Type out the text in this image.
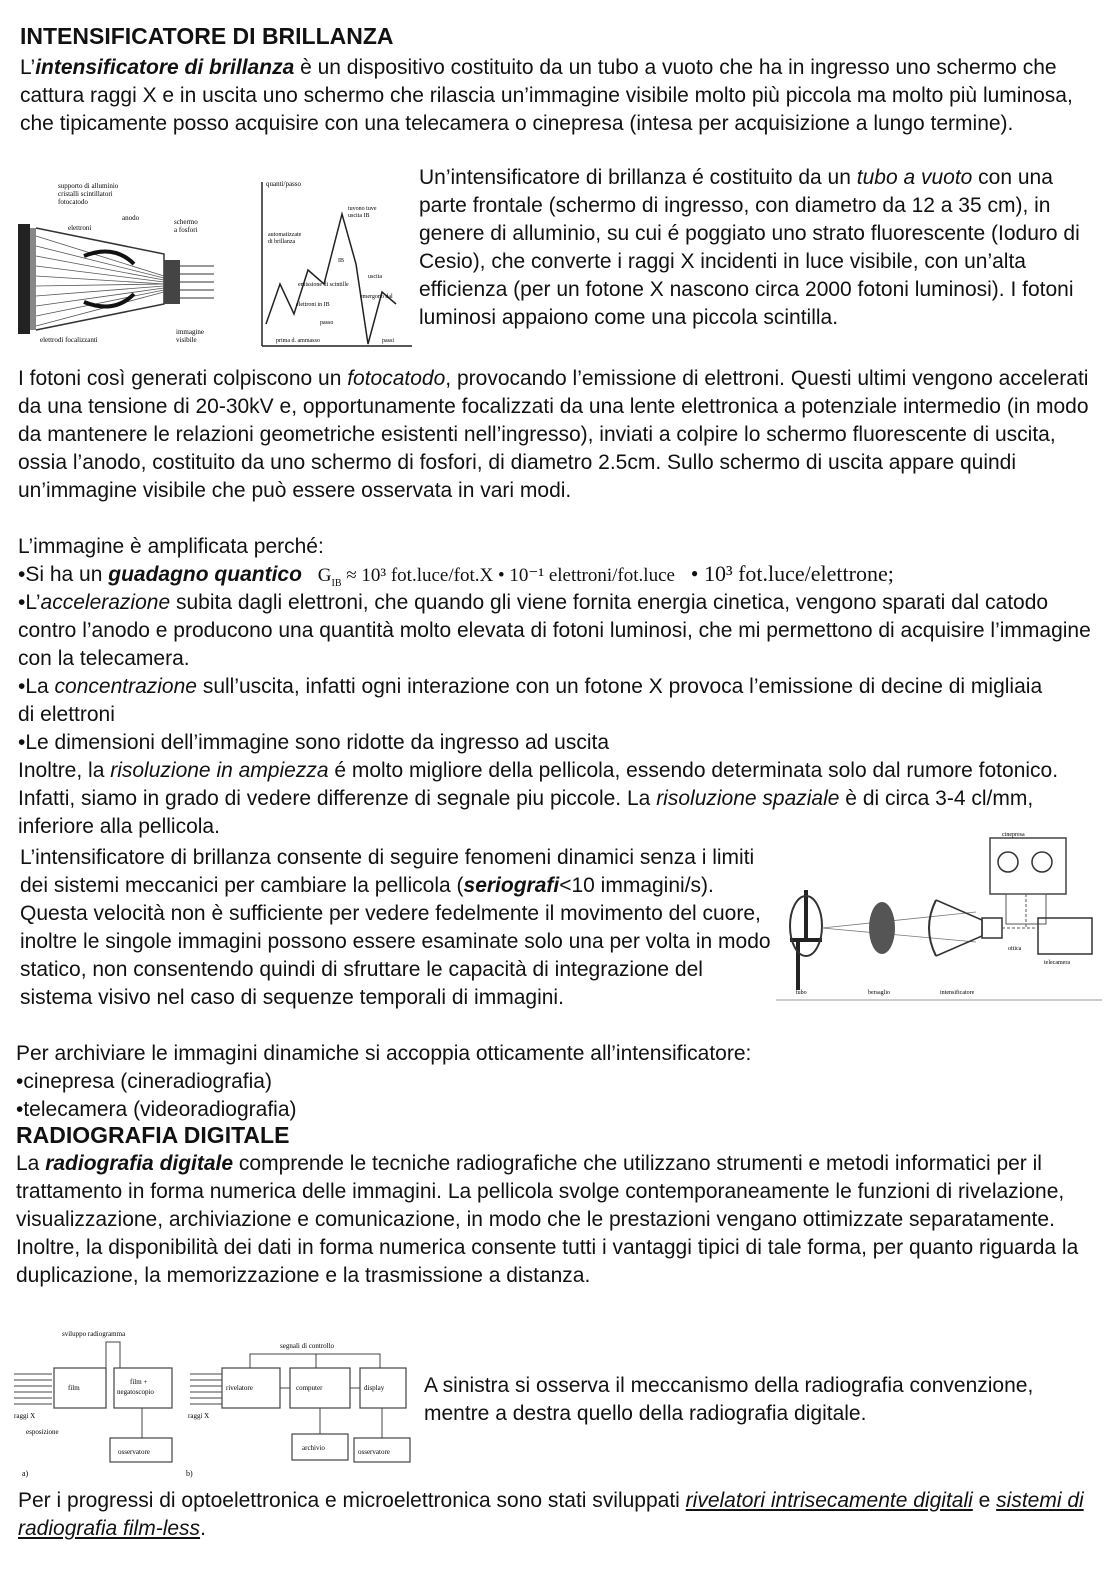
INTENSIFICATORE DI BRILLANZA

L’intensificatore di brillanza è un dispositivo costituito da un tubo a vuoto che ha in ingresso uno schermo che cattura raggi X e in uscita uno schermo che rilascia un’immagine visibile molto più piccola ma molto più luminosa, che tipicamente posso acquisire con una telecamera o cinepresa (intesa per acquisizione a lungo termine).

supporto di alluminio
cristalli scintillatori
fotocatodo
anodo	schermo
a fosfori
elettroni
elettrodi focalizzanti
immagine
visibile
quanti/passo
tuvono tuve
uscita IB
automatizzate
di brillanza
IB
uscita
emergono dal
elettroni in IB
prima d. ammasso	passi
emissione di scintille
passo

Un’intensificatore di brillanza é costituito da un tubo a vuoto con una parte frontale (schermo di ingresso, con diametro da 12 a 35 cm), in genere di alluminio, su cui é poggiato uno strato fluorescente (Ioduro di Cesio), che converte i raggi X incidenti in luce visibile, con un’alta efficienza (per un fotone X nascono circa 2000 fotoni luminosi). I fotoni luminosi appaiono come una piccola scintilla.

I fotoni così generati colpiscono un fotocatodo, provocando l’emissione di elettroni. Questi ultimi vengono accelerati da una tensione di 20-30kV e, opportunamente focalizzati da una lente elettronica a potenziale intermedio (in modo da mantenere le relazioni geometriche esistenti nell’ingresso), inviati a colpire lo schermo fluorescente di uscita, ossia l’anodo, costituito da uno schermo di fosfori, di diametro 2.5cm. Sullo schermo di uscita appare quindi un’immagine visibile che può essere osservata in vari modi.

L’immagine è amplificata perché:

•Si ha un guadagno quantico $G_{IB} \approx 10^3$ fot.luce/fot.X • 10⁻¹ elettroni/fot.luce • 10³ fot.luce/elettrone;

•L’accelerazione subita dagli elettroni, che quando gli viene fornita energia cinetica, vengono sparati dal catodo contro l’anodo e producono una quantità molto elevata di fotoni luminosi, che mi permettono di acquisire l’immagine con la telecamera.

•La concentrazione sull’uscita, infatti ogni interazione con un fotone X provoca l’emissione di decine di migliaia di elettroni

•Le dimensioni dell’immagine sono ridotte da ingresso ad uscita

Inoltre, la risoluzione in ampiezza é molto migliore della pellicola, essendo determinata solo dal rumore fotonico. Infatti, siamo in grado di vedere differenze di segnale piu piccole. La risoluzione spaziale è di circa 3-4 cl/mm, inferiore alla pellicola.

L’intensificatore di brillanza consente di seguire fenomeni dinamici senza i limiti dei sistemi meccanici per cambiare la pellicola (seriografi<10 immagini/s). Questa velocità non è sufficiente per vedere fedelmente il movimento del cuore, inoltre le singole immagini possono essere esaminate solo una per volta in modo statico, non consentendo quindi di sfruttare le capacità di integrazione del sistema visivo nel caso di sequenze temporali di immagini.	tubo	bersaglio	intensificatore
ottica
telecamera
cinepresa

Per archiviare le immagini dinamiche si accoppia otticamente all’intensificatore:

•cinepresa (cineradiografia)

•telecamera (videoradiografia)

RADIOGRAFIA DIGITALE

La radiografia digitale comprende le tecniche radiografiche che utilizzano strumenti e metodi informatici per il trattamento in forma numerica delle immagini. La pellicola svolge contemporaneamente le funzioni di rivelazione, visualizzazione, archiviazione e comunicazione, in modo che le prestazioni vengano ottimizzate separatamente. Inoltre, la disponibilità dei dati in forma numerica consente tutti i vantaggi tipici di tale forma, per quanto riguarda la duplicazione, la memorizzazione e la trasmissione a distanza.

sviluppo radiogramma
film
film +
negatoscopio
raggi X
esposizione
osservatore
a)
segnali di controllo
raggi X
rivelatore	computer	display
archivio	osservatore
b)

A sinistra si osserva il meccanismo della radiografia convenzione, mentre a destra quello della radiografia digitale.

Per i progressi di optoelettronica e microelettronica sono stati sviluppati rivelatori intrisecamente digitali e sistemi di radiografia film-less.
